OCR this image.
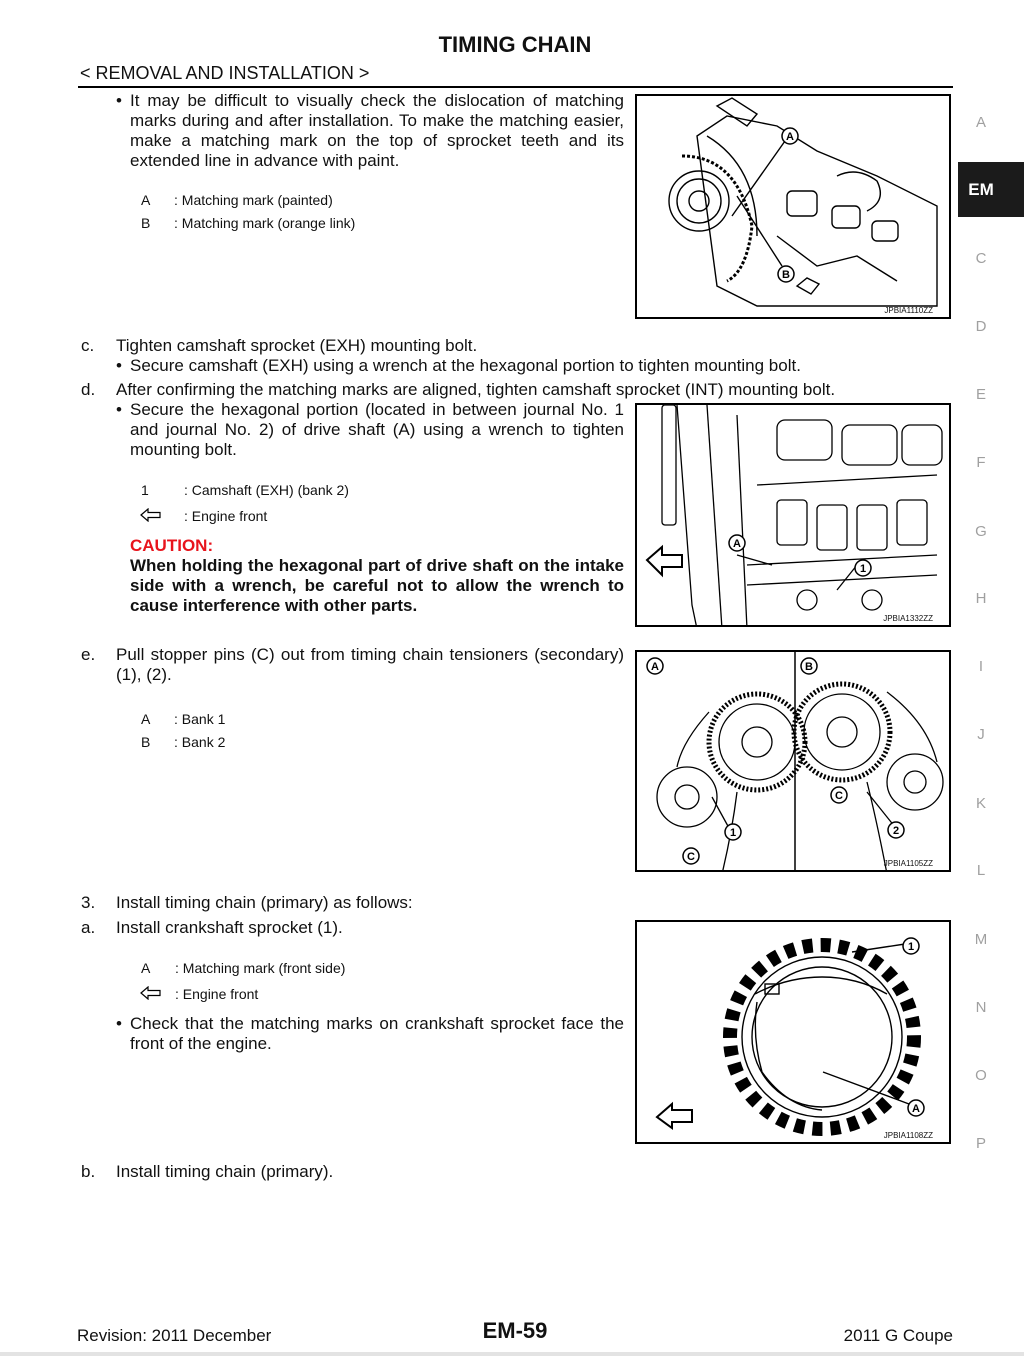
TIMING CHAIN
< REMOVAL AND INSTALLATION >
EM
A
C
D
E
F
G
H
I
J
K
L
M
N
O
P
• It may be difficult to visually check the dislocation of matching marks during and after installation. To make the matching easier, make a matching mark on the top of sprocket teeth and its extended line in advance with paint.
A : Matching mark (painted)
B : Matching mark (orange link)
A
B
JPBIA1110ZZ
c. Tighten camshaft sprocket (EXH) mounting bolt.
• Secure camshaft (EXH) using a wrench at the hexagonal portion to tighten mounting bolt.
d. After confirming the matching marks are aligned, tighten camshaft sprocket (INT) mounting bolt.
• Secure the hexagonal portion (located in between journal No. 1 and journal No. 2) of drive shaft (A) using a wrench to tighten mounting bolt.
1	: Camshaft (EXH) (bank 2)
: Engine front
CAUTION:
When holding the hexagonal part of drive shaft on the intake side with a wrench, be careful not to allow the wrench to cause interference with other parts.
A
1
JPBIA1332ZZ
e. Pull stopper pins (C) out from timing chain tensioners (secondary) (1), (2).
A : Bank 1
B : Bank 2
A	B
1
C
C
2
JPBIA1105ZZ
3. Install timing chain (primary) as follows:
a. Install crankshaft sprocket (1).
A : Matching mark (front side)
: Engine front
• Check that the matching marks on crankshaft sprocket face the front of the engine.
1
A
JPBIA1108ZZ
b. Install timing chain (primary).
Revision: 2011 December	EM-59	2011 G Coupe
